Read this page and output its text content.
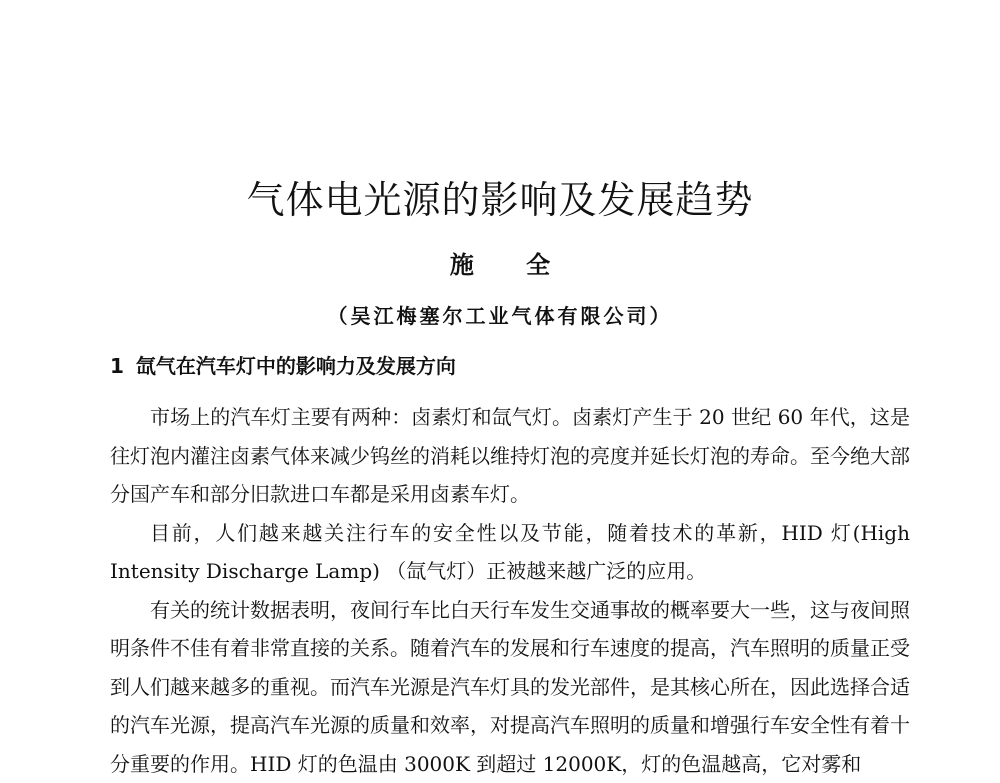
气体电光源的影响及发展趋势
施 全
（吴江梅塞尔工业气体有限公司）
1 氙气在汽车灯中的影响力及发展方向

市场上的汽车灯主要有两种：卤素灯和氙气灯。卤素灯产生于 20 世纪 60 年代，这是往灯泡内灌注卤素气体来减少钨丝的消耗以维持灯泡的亮度并延长灯泡的寿命。至今绝大部分国产车和部分旧款进口车都是采用卤素车灯。

目前，人们越来越关注行车的安全性以及节能，随着技术的革新，HID 灯(High Intensity Discharge Lamp) （氙气灯）正被越来越广泛的应用。

有关的统计数据表明，夜间行车比白天行车发生交通事故的概率要大一些，这与夜间照明条件不佳有着非常直接的关系。随着汽车的发展和行车速度的提高，汽车照明的质量正受到人们越来越多的重视。而汽车光源是汽车灯具的发光部件，是其核心所在，因此选择合适的汽车光源，提高汽车光源的质量和效率，对提高汽车照明的质量和增强行车安全性有着十分重要的作用。HID 灯的色温由 3000K 到超过 12000K，灯的色温越高，它对雾和
